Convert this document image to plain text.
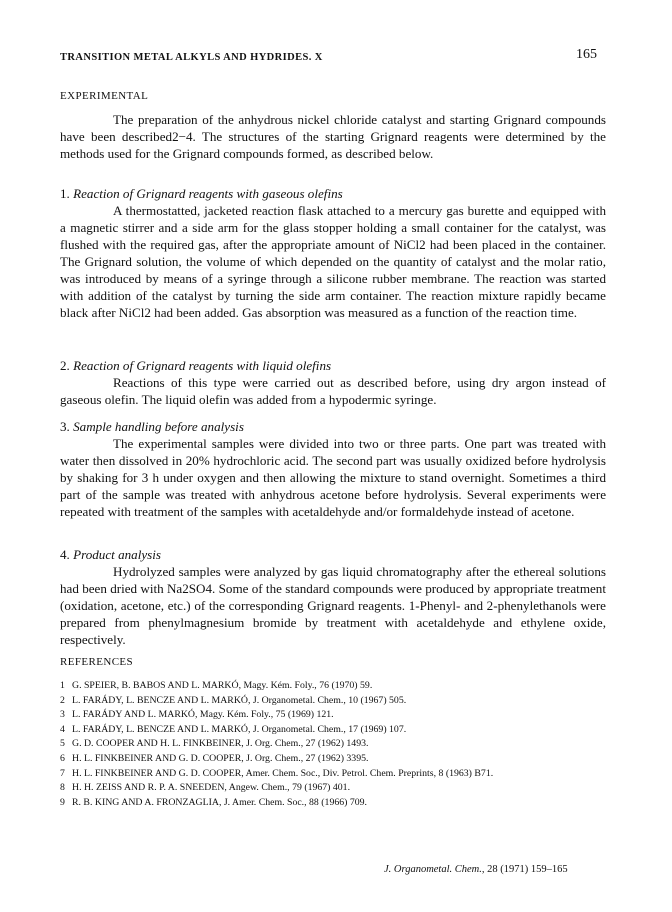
TRANSITION METAL ALKYLS AND HYDRIDES. X	165
EXPERIMENTAL

The preparation of the anhydrous nickel chloride catalyst and starting Grignard compounds have been described2−4. The structures of the starting Grignard reagents were determined by the methods used for the Grignard compounds formed, as described below.

1. Reaction of Grignard reagents with gaseous olefins

A thermostatted, jacketed reaction flask attached to a mercury gas burette and equipped with a magnetic stirrer and a side arm for the glass stopper holding a small container for the catalyst, was flushed with the required gas, after the appropriate amount of NiCl2 had been placed in the container. The Grignard solution, the volume of which depended on the quantity of catalyst and the molar ratio, was introduced by means of a syringe through a silicone rubber membrane. The reaction was started with addition of the catalyst by turning the side arm container. The reaction mixture rapidly became black after NiCl2 had been added. Gas absorption was measured as a function of the reaction time.

2. Reaction of Grignard reagents with liquid olefins

Reactions of this type were carried out as described before, using dry argon instead of gaseous olefin. The liquid olefin was added from a hypodermic syringe.

3. Sample handling before analysis

The experimental samples were divided into two or three parts. One part was treated with water then dissolved in 20% hydrochloric acid. The second part was usually oxidized before hydrolysis by shaking for 3 h under oxygen and then allowing the mixture to stand overnight. Sometimes a third part of the sample was treated with anhydrous acetone before hydrolysis. Several experiments were repeated with treatment of the samples with acetaldehyde and/or formaldehyde instead of acetone.

4. Product analysis

Hydrolyzed samples were analyzed by gas liquid chromatography after the ethereal solutions had been dried with Na2SO4. Some of the standard compounds were produced by appropriate treatment (oxidation, acetone, etc.) of the corresponding Grignard reagents. 1-Phenyl- and 2-phenylethanols were prepared from phenylmagnesium bromide by treatment with acetaldehyde and ethylene oxide, respectively.

REFERENCES
1 G. SPEIER, B. BABOS AND L. MARKÓ, Magy. Kém. Foly., 76 (1970) 59.
2 L. FARÁDY, L. BENCZE AND L. MARKÓ, J. Organometal. Chem., 10 (1967) 505.
3 L. FARÁDY AND L. MARKÓ, Magy. Kém. Foly., 75 (1969) 121.
4 L. FARÁDY, L. BENCZE AND L. MARKÓ, J. Organometal. Chem., 17 (1969) 107.
5 G. D. COOPER AND H. L. FINKBEINER, J. Org. Chem., 27 (1962) 1493.
6 H. L. FINKBEINER AND G. D. COOPER, J. Org. Chem., 27 (1962) 3395.
7 H. L. FINKBEINER AND G. D. COOPER, Amer. Chem. Soc., Div. Petrol. Chem. Preprints, 8 (1963) B71.
8 H. H. ZEISS AND R. P. A. SNEEDEN, Angew. Chem., 79 (1967) 401.
9 R. B. KING AND A. FRONZAGLIA, J. Amer. Chem. Soc., 88 (1966) 709.
J. Organometal. Chem., 28 (1971) 159–165
